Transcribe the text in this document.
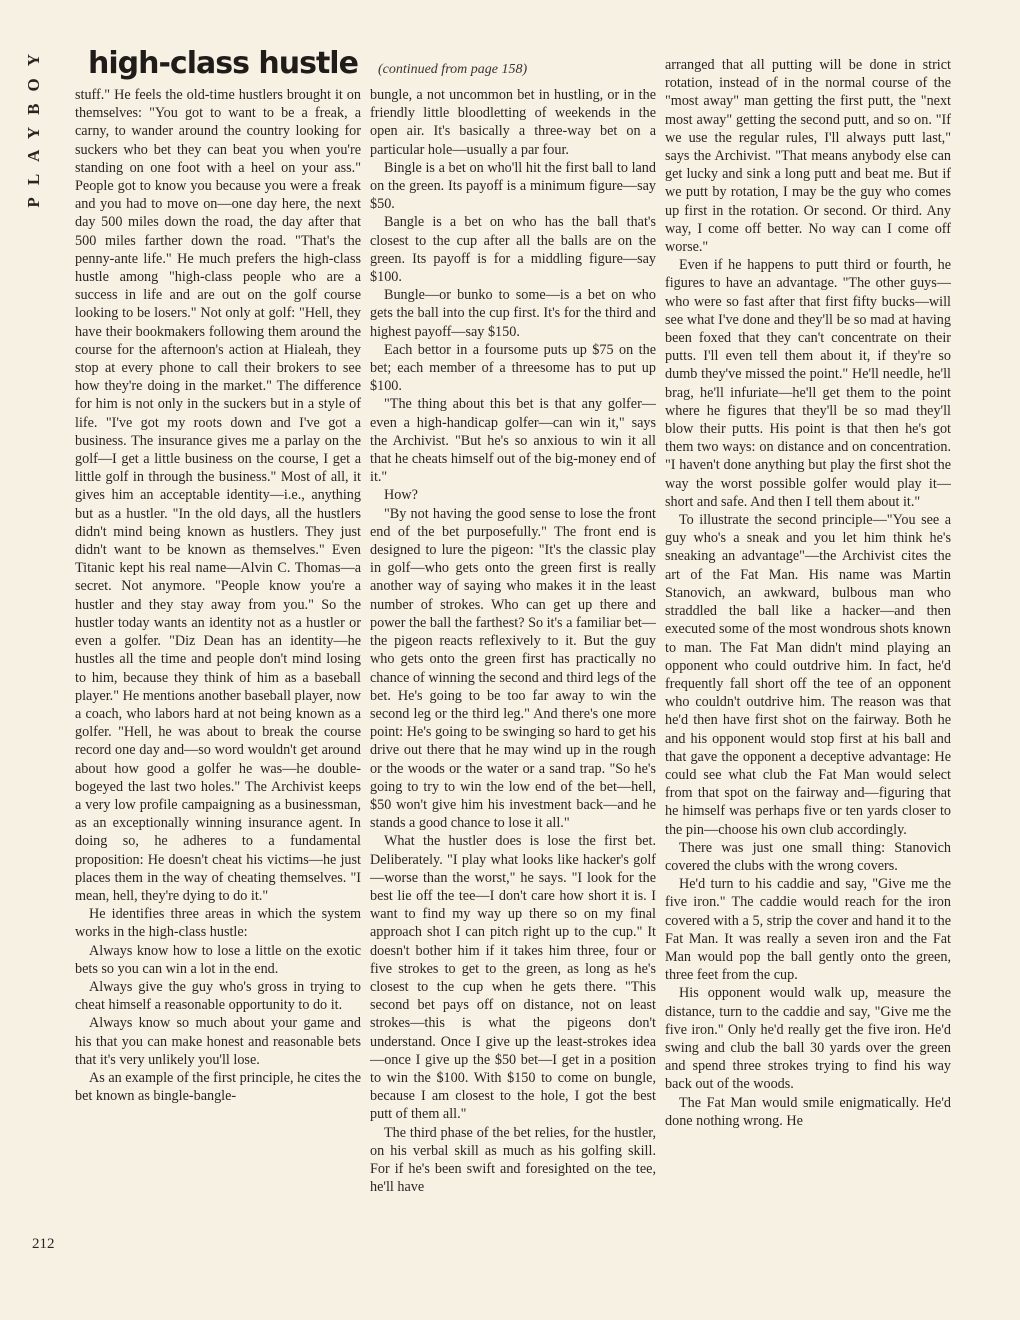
PLAYBOY high-class hustle (continued from page 158)

stuff." He feels the old-time hustlers brought it on themselves: "You got to want to be a freak, a carny, to wander around the country looking for suckers who bet they can beat you when you're standing on one foot with a heel on your ass." People got to know you because you were a freak and you had to move on—one day here, the next day 500 miles down the road, the day after that 500 miles farther down the road. "That's the penny-ante life." He much prefers the high-class hustle among "high-class people who are a success in life and are out on the golf course looking to be losers." Not only at golf: "Hell, they have their bookmakers following them around the course for the afternoon's action at Hialeah, they stop at every phone to call their brokers to see how they're doing in the market." The difference for him is not only in the suckers but in a style of life. "I've got my roots down and I've got a business. The insurance gives me a parlay on the golf—I get a little business on the course, I get a little golf in through the business." Most of all, it gives him an acceptable identity—i.e., anything but as a hustler. "In the old days, all the hustlers didn't mind being known as hustlers. They just didn't want to be known as themselves." Even Titanic kept his real name—Alvin C. Thomas—a secret. Not anymore. "People know you're a hustler and they stay away from you." So the hustler today wants an identity not as a hustler or even a golfer. "Diz Dean has an identity—he hustles all the time and people don't mind losing to him, because they think of him as a baseball player." He mentions another baseball player, now a coach, who labors hard at not being known as a golfer. "Hell, he was about to break the course record one day and—so word wouldn't get around about how good a golfer he was—he double-bogeyed the last two holes." The Archivist keeps a very low profile campaigning as a businessman, as an exceptionally winning insurance agent. In doing so, he adheres to a fundamental proposition: He doesn't cheat his victims—he just places them in the way of cheating themselves. "I mean, hell, they're dying to do it."

He identifies three areas in which the system works in the high-class hustle:

Always know how to lose a little on the exotic bets so you can win a lot in the end.

Always give the guy who's gross in trying to cheat himself a reasonable opportunity to do it.

Always know so much about your game and his that you can make honest and reasonable bets that it's very unlikely you'll lose.

As an example of the first principle, he cites the bet known as bingle-bangle-

bungle, a not uncommon bet in hustling, or in the friendly little bloodletting of weekends in the open air. It's basically a three-way bet on a particular hole—usually a par four.

Bingle is a bet on who'll hit the first ball to land on the green. Its payoff is a minimum figure—say $50.

Bangle is a bet on who has the ball that's closest to the cup after all the balls are on the green. Its payoff is for a middling figure—say $100.

Bungle—or bunko to some—is a bet on who gets the ball into the cup first. It's for the third and highest payoff—say $150.

Each bettor in a foursome puts up $75 on the bet; each member of a threesome has to put up $100.

"The thing about this bet is that any golfer—even a high-handicap golfer—can win it," says the Archivist. "But he's so anxious to win it all that he cheats himself out of the big-money end of it."

How?

"By not having the good sense to lose the front end of the bet purposefully." The front end is designed to lure the pigeon: "It's the classic play in golf—who gets onto the green first is really another way of saying who makes it in the least number of strokes. Who can get up there and power the ball the farthest? So it's a familiar bet—the pigeon reacts reflexively to it. But the guy who gets onto the green first has practically no chance of winning the second and third legs of the bet. He's going to be too far away to win the second leg or the third leg." And there's one more point: He's going to be swinging so hard to get his drive out there that he may wind up in the rough or the woods or the water or a sand trap. "So he's going to try to win the low end of the bet—hell, $50 won't give him his investment back—and he stands a good chance to lose it all."

What the hustler does is lose the first bet. Deliberately. "I play what looks like hacker's golf—worse than the worst," he says. "I look for the best lie off the tee—I don't care how short it is. I want to find my way up there so on my final approach shot I can pitch right up to the cup." It doesn't bother him if it takes him three, four or five strokes to get to the green, as long as he's closest to the cup when he gets there. "This second bet pays off on distance, not on least strokes—this is what the pigeons don't understand. Once I give up the least-strokes idea—once I give up the $50 bet—I get in a position to win the $100. With $150 to come on bungle, because I am closest to the hole, I got the best putt of them all."

The third phase of the bet relies, for the hustler, on his verbal skill as much as his golfing skill. For if he's been swift and foresighted on the tee, he'll have

arranged that all putting will be done in strict rotation, instead of in the normal course of the "most away" man getting the first putt, the "next most away" getting the second putt, and so on. "If we use the regular rules, I'll always putt last," says the Archivist. "That means anybody else can get lucky and sink a long putt and beat me. But if we putt by rotation, I may be the guy who comes up first in the rotation. Or second. Or third. Any way, I come off better. No way can I come off worse."

Even if he happens to putt third or fourth, he figures to have an advantage. "The other guys—who were so fast after that first fifty bucks—will see what I've done and they'll be so mad at having been foxed that they can't concentrate on their putts. I'll even tell them about it, if they're so dumb they've missed the point." He'll needle, he'll brag, he'll infuriate—he'll get them to the point where he figures that they'll be so mad they'll blow their putts. His point is that then he's got them two ways: on distance and on concentration. "I haven't done anything but play the first shot the way the worst possible golfer would play it—short and safe. And then I tell them about it."

To illustrate the second principle—"You see a guy who's a sneak and you let him think he's sneaking an advantage"—the Archivist cites the art of the Fat Man. His name was Martin Stanovich, an awkward, bulbous man who straddled the ball like a hacker—and then executed some of the most wondrous shots known to man. The Fat Man didn't mind playing an opponent who could outdrive him. In fact, he'd frequently fall short off the tee of an opponent who couldn't outdrive him. The reason was that he'd then have first shot on the fairway. Both he and his opponent would stop first at his ball and that gave the opponent a deceptive advantage: He could see what club the Fat Man would select from that spot on the fairway and—figuring that he himself was perhaps five or ten yards closer to the pin—choose his own club accordingly.

There was just one small thing: Stanovich covered the clubs with the wrong covers.

He'd turn to his caddie and say, "Give me the five iron." The caddie would reach for the iron covered with a 5, strip the cover and hand it to the Fat Man. It was really a seven iron and the Fat Man would pop the ball gently onto the green, three feet from the cup.

His opponent would walk up, measure the distance, turn to the caddie and say, "Give me the five iron." Only he'd really get the five iron. He'd swing and club the ball 30 yards over the green and spend three strokes trying to find his way back out of the woods.

The Fat Man would smile enigmatically. He'd done nothing wrong. He

212
